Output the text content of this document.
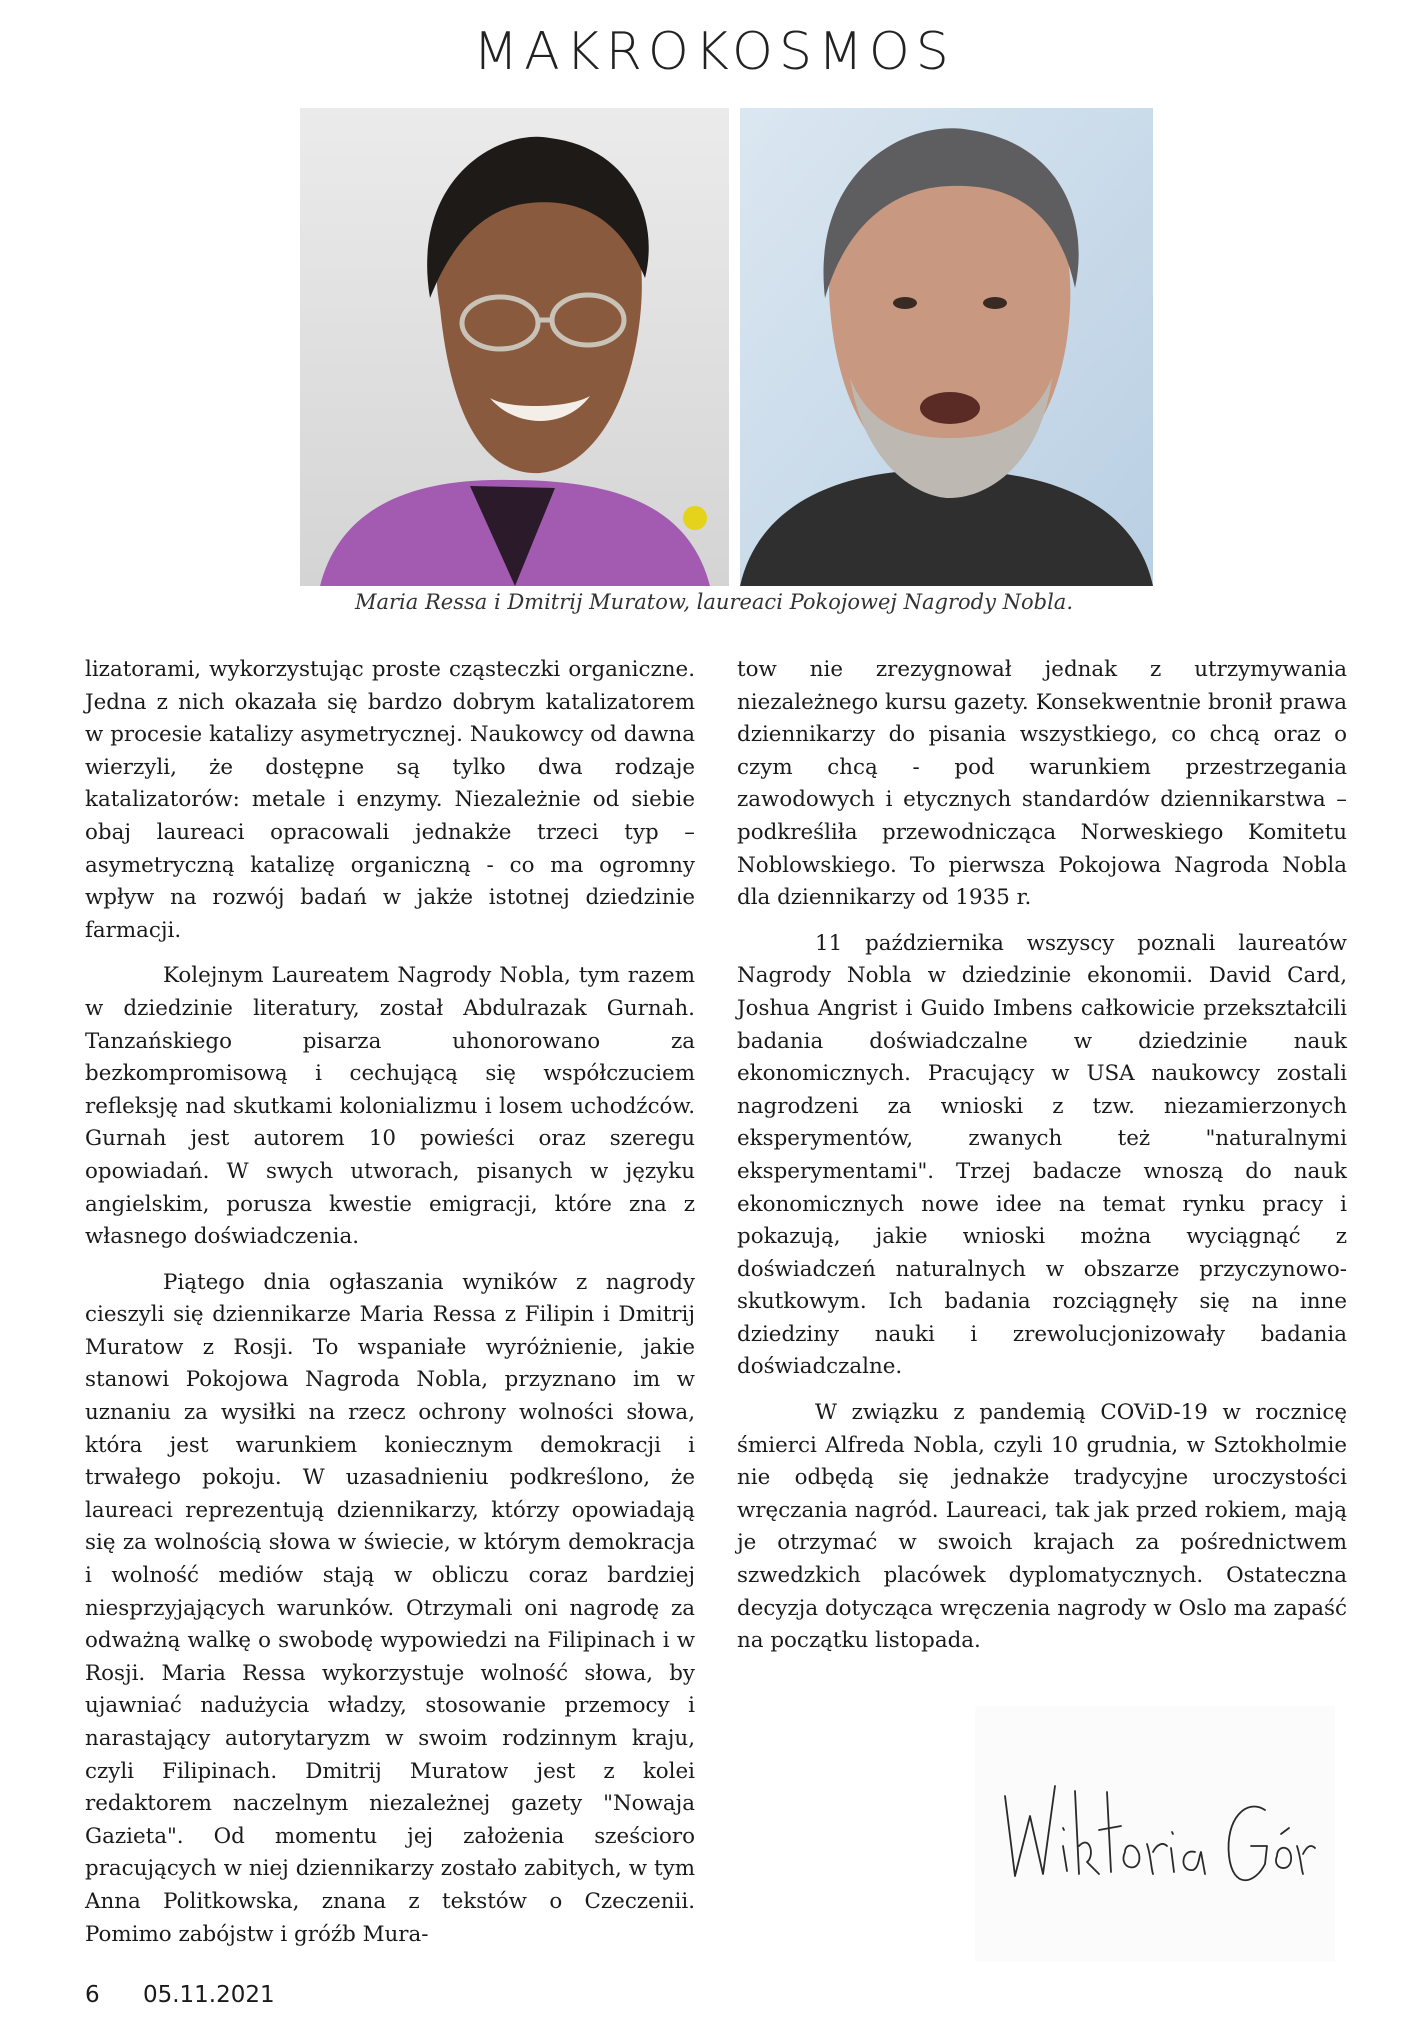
MAKROKOSMOS
Maria Ressa i Dmitrij Muratow, laureaci Pokojowej Nagrody Nobla.

lizatorami, wykorzystując proste cząsteczki organiczne. Jedna z nich okazała się bardzo dobrym katalizatorem w procesie katalizy asymetrycznej. Naukowcy od dawna wierzyli, że dostępne są tylko dwa rodzaje katalizatorów: metale i enzymy. Niezależnie od siebie obaj laureaci opracowali jednakże trzeci typ – asymetryczną katalizę organiczną - co ma ogromny wpływ na rozwój badań w jakże istotnej dziedzinie farmacji.

Kolejnym Laureatem Nagrody Nobla, tym razem w dziedzinie literatury, został Abdulrazak Gurnah. Tanzańskiego pisarza uhonorowano za bezkompromisową i cechującą się współczuciem refleksję nad skutkami kolonializmu i losem uchodźców. Gurnah jest autorem 10 powieści oraz szeregu opowiadań. W swych utworach, pisanych w języku angielskim, porusza kwestie emigracji, które zna z własnego doświadczenia.

Piątego dnia ogłaszania wyników z nagrody cieszyli się dziennikarze Maria Ressa z Filipin i Dmitrij Muratow z Rosji. To wspaniałe wyróżnienie, jakie stanowi Pokojowa Nagroda Nobla, przyznano im w uznaniu za wysiłki na rzecz ochrony wolności słowa, która jest warunkiem koniecznym demokracji i trwałego pokoju. W uzasadnieniu podkreślono, że laureaci reprezentują dziennikarzy, którzy opowiadają się za wolnością słowa w świecie, w którym demokracja i wolność mediów stają w obliczu coraz bardziej niesprzyjających warunków. Otrzymali oni nagrodę za odważną walkę o swobodę wypowiedzi na Filipinach i w Rosji. Maria Ressa wykorzystuje wolność słowa, by ujawniać nadużycia władzy, stosowanie przemocy i narastający autorytaryzm w swoim rodzinnym kraju, czyli Filipinach. Dmitrij Muratow jest z kolei redaktorem naczelnym niezależnej gazety "Nowaja Gazieta". Od momentu jej założenia sześcioro pracujących w niej dziennikarzy zostało zabitych, w tym Anna Politkowska, znana z tekstów o Czeczenii. Pomimo zabójstw i gróźb Mura-

tow nie zrezygnował jednak z utrzymywania niezależnego kursu gazety. Konsekwentnie bronił prawa dziennikarzy do pisania wszystkiego, co chcą oraz o czym chcą - pod warunkiem przestrzegania zawodowych i etycznych standardów dziennikarstwa – podkreśliła przewodnicząca Norweskiego Komitetu Noblowskiego. To pierwsza Pokojowa Nagroda Nobla dla dziennikarzy od 1935 r.

11 października wszyscy poznali laureatów Nagrody Nobla w dziedzinie ekonomii. David Card, Joshua Angrist i Guido Imbens całkowicie przekształcili badania doświadczalne w dziedzinie nauk ekonomicznych. Pracujący w USA naukowcy zostali nagrodzeni za wnioski z tzw. niezamierzonych eksperymentów, zwanych też "naturalnymi eksperymentami". Trzej badacze wnoszą do nauk ekonomicznych nowe idee na temat rynku pracy i pokazują, jakie wnioski można wyciągnąć z doświadczeń naturalnych w obszarze przyczynowo-skutkowym. Ich badania rozciągnęły się na inne dziedziny nauki i zrewolucjonizowały badania doświadczalne.

W związku z pandemią COViD-19 w rocznicę śmierci Alfreda Nobla, czyli 10 grudnia, w Sztokholmie nie odbędą się jednakże tradycyjne uroczystości wręczania nagród. Laureaci, tak jak przed rokiem, mają je otrzymać w swoich krajach za pośrednictwem szwedzkich placówek dyplomatycznych. Ostateczna decyzja dotycząca wręczenia nagrody w Oslo ma zapaść na początku listopada.

6 05.11.2021
